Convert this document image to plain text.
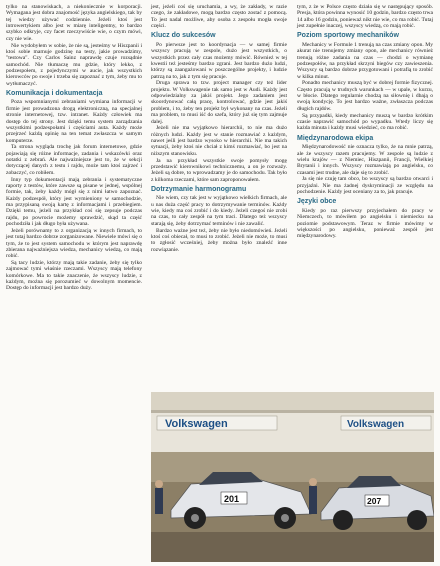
tylko na stanowiskach, a niekoniecznie w korporacji. Wymagana jest dobra znajomość języka angielskiego, tak by tej wiedzy używać codziennie. Jeżeli ktoś jest introwertykiem albo jest w miarę inteligentny, to bardzo szybko odkryje, czy facet rzeczywiście wie, o czym mówi, czy nie wie.

Nie wydobyłem w sobie, że nie są, jesteśmy w Hiszpanii i ktoś sobie marnuje godzinę na testy, jakie prowadzimy, "testowa". Czy Carlos Sainz naprawdę czuje rozsądnie samochód. Nie tłumaczę mu gdzie, który lekko, z podzespołem, z pojedynczymi w aucie, jak wszystkich kierowców po swoje i trzeba się zapoznać z tym, żeby mu to wytłumaczyć.

Komunikacja i dokumentacja

Poza wspomnianymi zebraniami wymiana informacji w firmie jest prowadzona drogą elektroniczną, na specjalnej stronie internetowej, tzw. intranet. Każdy człowiek ma dostęp do tej strony. Jest dzięki temu system zarządzania wszystkimi podzespołami i częściami auta. Każdy może przejrzeć każdą opinię na ten temat zwłaszcza w samym komputerze.

Ta strona wygląda trochę jak forum internetowe, gdzie pojawiają się różne informacje, zadania i wskazówki oraz notatki z zebrań. Ale najważniejsze jest to, że w sekcji dotyczącej danych z testu i rajdu, może tam ktoś zajrzeć i zobaczyć, co robiłem.

Inny typ dokumentacji mają zebrania i systematyczne raporty z testów, które zawsze są pisane w jednej, wspólnej formie, tak, żeby każdy mógł się z nimi łatwo zapoznać. Każdy podzespół, który jest wymieniony w samochodzie, ma przypisaną swoją kartę z informacjami i przebiegiem. Dzięki temu, jeżeli na przykład coś się zepsuje podczas rajdu, po powrocie możemy sprawdzić, skąd ta część pochodziła i jak długo była używana.

Jeżeli porównamy to z organizacją w innych firmach, to jest tutaj bardzo dobrze zorganizowane. Niewiele mówi się o tym, że to jest system samochodu w którym jest naprawdę zbierana najważniejsza wiedza, mechanicy wiedzą, co mają robić.

Są tacy ludzie, którzy mają takie zadanie, żeby się tylko zajmować tymi właśnie rzeczami. Wszyscy mają telefony komórkowe. Ma to takie znaczenie, że wszyscy ludzie, z każdym, można się porozumieć w dowolnym momencie. Dostęp do informacji jest bardzo duży.

jest, jeżeli coś się uruchamia, a wy, że zakłady, w razie czego, że zakładowe, mogą bardzo często zostać z pomocą. To jest nadal możliwe, aby osoba z zespołu mogła swoje części.

Klucz do sukcesów

Po pierwsze jest to koordynacja — w samej firmie wszyscy pracują w zespole, dużo jest wszystkich, o wszystkich przez cały czas możemy mówić. Również w tej kwestii też jesteśmy bardzo zgrani. Jest bardzo dużo ludzi, którzy są zaangażowani w poszczególne projekty, i ludzie patrzą na to, jak z tym się pracuje.

Druga sprawa to tzw. project manager czy też lider projektu. W Volkswagenie tak samo jest w Audi. Każdy jest odpowiedzialny za jakiś projekt. Jego zadaniem jest skoordynować całą pracę, kontrolować, gdzie jest jakiś problem, i to, żeby ten projekt był wykonany na czas. Jeżeli ma problem, to musi iść do szefa, który już się tym zajmuje dalej.

Jeżeli nie ma wyjątkowo hierarchii, to nie ma dużo różnych ludzi. Każdy jest w stanie rozmawiać z każdym, nawet jeśli jest bardzo wysoko w hierarchii. Nie ma takich sytuacji, żeby ktoś nie chciał z kimś rozmawiać, bo jest na niższym stanowisku.

Ja na przykład wszystkie swoje pomysły mogę przedstawić kierownikowi technicznemu, a on je rozważy. Jeżeli są dobre, to wprowadzamy je do samochodu. Tak było z kilkoma rzeczami, które sam zaproponowałem.

Dotrzymanie harmonogramu

Nie wiem, czy tak jest w wyjątkowo wielkich firmach, ale u nas duża część pracy to dotrzymywanie terminów. Każdy wie, kiedy ma coś zrobić i do kiedy. Jeżeli czegoś nie zrobi na czas, to cały zespół na tym traci. Dlatego też wszyscy starają się, żeby dotrzymać terminów i nie zawalić.

Bardzo ważne jest też, żeby nie było niedomówień. Jeżeli ktoś coś obiecał, to musi to zrobić. Jeżeli nie może, to musi to zgłosić wcześniej, żeby można było znaleźć inne rozwiązanie.

tym, z że w Polsce często działa się w następujący sposób. Presja, która powinna wynosić 10 godzin, bardzo często trwa 14 albo 16 godzin, ponieważ nikt nie wie, co ma robić. Tutaj jest zupełnie inaczej, wszyscy wiedzą, co mają robić.

Poziom sportowy mechaników

Mechanicy w Formule 1 trenują na czas zmiany opon. My akurat nie trenujemy zmiany opon, ale mechanicy również trenują różne zadania na czas — chodzi o wymianę podzespołów, na przykład skrzyni biegów czy zawieszenia. Wszyscy są bardzo dobrze przygotowani i potrafią to zrobić w kilka minut.

Ponadto mechanicy muszą być w dobrej formie fizycznej. Często pracują w trudnych warunkach — w upale, w kurzu, w błocie. Dlatego regularnie chodzą na siłownię i dbają o swoją kondycję. To jest bardzo ważne, zwłaszcza podczas długich rajdów.

Są przypadki, kiedy mechanicy muszą w bardzo krótkim czasie naprawić samochód po wypadku. Wtedy liczy się każda minuta i każdy musi wiedzieć, co ma robić.

Międzynarodowa ekipa

Międzynarodowość nie oznacza tylko, że na mnie patrzą, ale że wszyscy razem pracujemy. W zespole są ludzie z wielu krajów — z Niemiec, Hiszpanii, Francji, Wielkiej Brytanii i innych. Wszyscy rozmawiają po angielsku, co czasami jest trudne, ale daje się to zrobić.

Ja się nie czuję tam obco, bo wszyscy są bardzo otwarci i przyjaźni. Nie ma żadnej dyskryminacji ze względu na pochodzenie. Każdy jest oceniany za to, jak pracuje.

Języki obce

Kiedy po raz pierwszy przyjechałem do pracy w Niemczech, to mówiłem po angielsku i niemiecku na poziomie podstawowym. Teraz w firmie mówimy w większości po angielsku, ponieważ zespół jest międzynarodowy.

Volkswagen	Volkswagen
201	207
